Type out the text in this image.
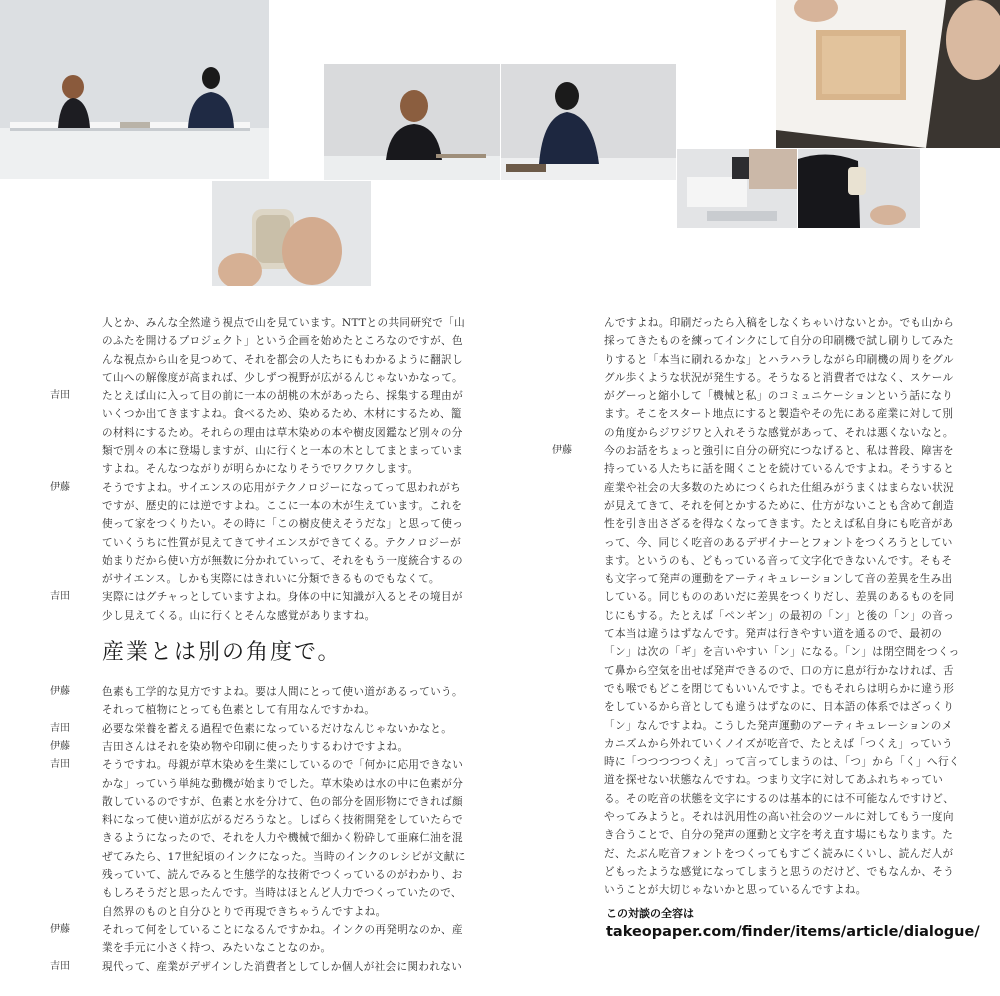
人とか、みんな全然違う視点で山を見ています。NTTとの共同研究で「山のふたを開けるプロジェクト」という企画を始めたところなのですが、色んな視点から山を見つめて、それを都会の人たちにもわかるように翻訳して山への解像度が高まれば、少しずつ視野が広がるんじゃないかなって。
吉田	たとえば山に入って目の前に一本の胡桃の木があったら、採集する理由がいくつか出てきますよね。食べるため、染めるため、木材にするため、籠の材料にするため。それらの理由は草木染めの本や樹皮図鑑など別々の分類で別々の本に登場しますが、山に行くと一本の木としてまとまっていますよね。そんなつながりが明らかになりそうでワクワクします。
伊藤	そうですよね。サイエンスの応用がテクノロジーになってって思われがちですが、歴史的には逆ですよね。ここに一本の木が生えています。これを使って家をつくりたい。その時に「この樹皮使えそうだな」と思って使っていくうちに性質が見えてきてサイエンスができてくる。テクノロジーが始まりだから使い方が無数に分かれていって、それをもう一度統合するのがサイエンス。しかも実際にはきれいに分類できるものでもなくて。
吉田	実際にはグチャっとしていますよね。身体の中に知識が入るとその境目が少し見えてくる。山に行くとそんな感覚がありますね。
産業とは別の角度で。
伊藤	色素も工学的な見方ですよね。要は人間にとって使い道があるっていう。それって植物にとっても色素として有用なんですかね。
吉田	必要な栄養を蓄える過程で色素になっているだけなんじゃないかなと。
伊藤	吉田さんはそれを染め物や印刷に使ったりするわけですよね。
吉田	そうですね。母親が草木染めを生業にしているので「何かに応用できないかな」っていう単純な動機が始まりでした。草木染めは水の中に色素が分散しているのですが、色素と水を分けて、色の部分を固形物にできれば顔料になって使い道が広がるだろうなと。しばらく技術開発をしていたらできるようになったので、それを人力や機械で細かく粉砕して亜麻仁油を混ぜてみたら、17世紀頃のインクになった。当時のインクのレシピが文献に残っていて、読んでみると生態学的な技術でつくっているのがわかり、おもしろそうだと思ったんです。当時はほとんど人力でつくっていたので、自然界のものと自分ひとりで再現できちゃうんですよね。
伊藤	それって何をしていることになるんですかね。インクの再発明なのか、産業を手元に小さく持つ、みたいなことなのか。
吉田	現代って、産業がデザインした消費者としてしか個人が社会に関われない
んですよね。印刷だったら入稿をしなくちゃいけないとか。でも山から採ってきたものを練ってインクにして自分の印刷機で試し刷りしてみたりすると「本当に刷れるかな」とハラハラしながら印刷機の周りをグルグル歩くような状況が発生する。そうなると消費者ではなく、スケールがグーっと縮小して「機械と私」のコミュニケーションという話になります。そこをスタート地点にすると製造やその先にある産業に対して別の角度からジワジワと入れそうな感覚があって、それは悪くないなと。
伊藤	今のお話をちょっと強引に自分の研究につなげると、私は普段、障害を持っている人たちに話を聞くことを続けているんですよね。そうすると産業や社会の大多数のためにつくられた仕組みがうまくはまらない状況が見えてきて、それを何とかするために、仕方がないことも含めて創造性を引き出さざるを得なくなってきます。たとえば私自身にも吃音があって、今、同じく吃音のあるデザイナーとフォントをつくろうとしています。というのも、どもっている音って文字化できないんです。そもそも文字って発声の運動をアーティキュレーションして音の差異を生み出している。同じもののあいだに差異をつくりだし、差異のあるものを同じにもする。たとえば「ペンギン」の最初の「ン」と後の「ン」の音って本当は違うはずなんです。発声は行きやすい道を通るので、最初の「ン」は次の「ギ」を言いやすい「ン」になる。「ン」は閉空間をつくって鼻から空気を出せば発声できるので、口の方に息が行かなければ、舌でも喉でもどこを閉じてもいいんですよ。でもそれらは明らかに違う形をしているから音としても違うはずなのに、日本語の体系ではざっくり「ン」なんですよね。こうした発声運動のアーティキュレーションのメカニズムから外れていくノイズが吃音で、たとえば「つくえ」っていう時に「つつつつつくえ」って言ってしまうのは、「つ」から「く」へ行く道を探せない状態なんですね。つまり文字に対してあふれちゃっている。その吃音の状態を文字にするのは基本的には不可能なんですけど、やってみようと。それは汎用性の高い社会のツールに対してもう一度向き合うことで、自分の発声の運動と文字を考え直す場にもなります。ただ、たぶん吃音フォントをつくってもすごく読みにくいし、読んだ人がどもったような感覚になってしまうと思うのだけど、でもなんか、そういうことが大切じゃないかと思っているんですよね。
この対談の全容は
takeopaper.com/finder/items/article/dialogue/
